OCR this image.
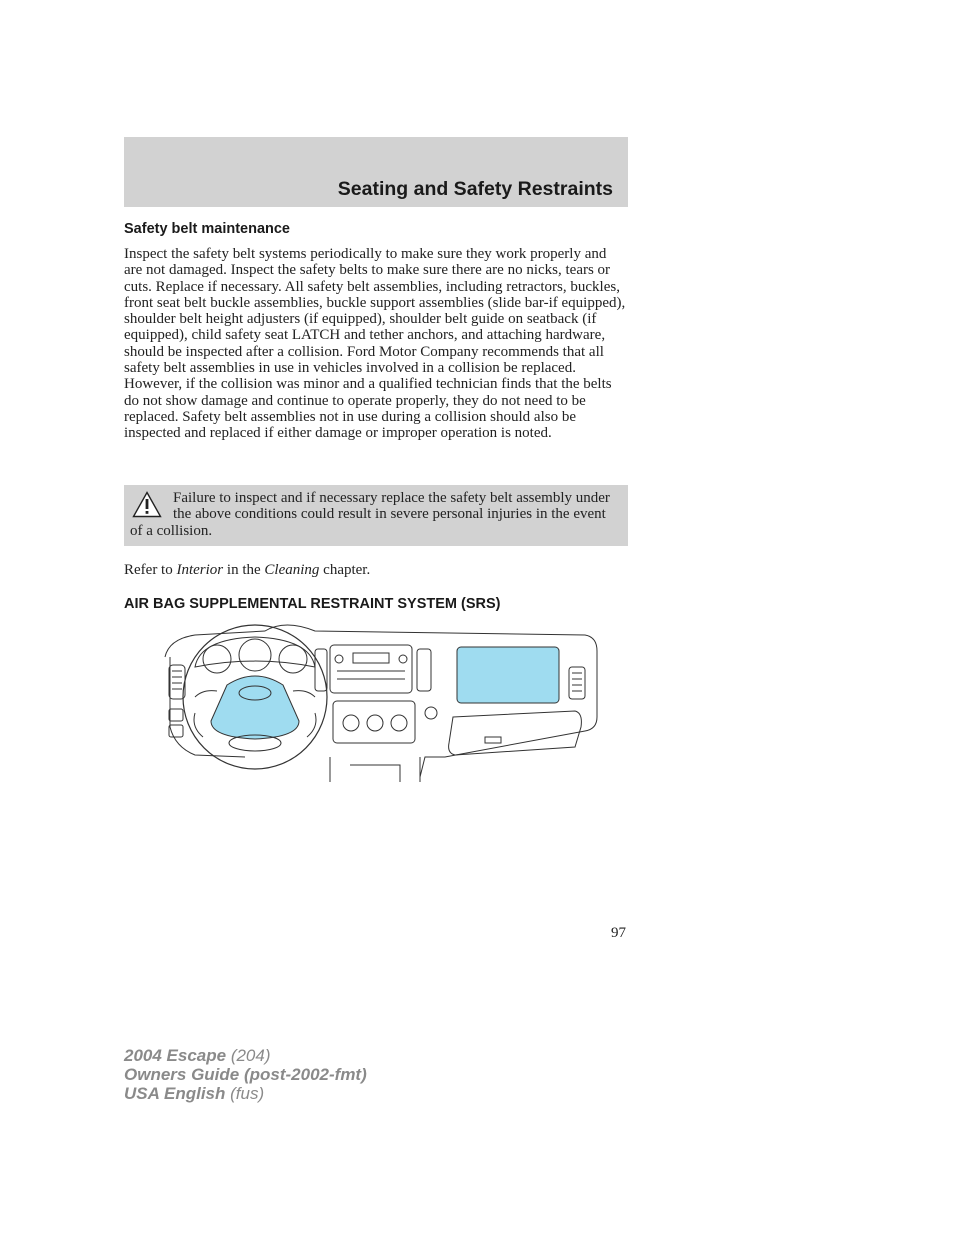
Seating and Safety Restraints
Safety belt maintenance
Inspect the safety belt systems periodically to make sure they work properly and are not damaged. Inspect the safety belts to make sure there are no nicks, tears or cuts. Replace if necessary. All safety belt assemblies, including retractors, buckles, front seat belt buckle assemblies, buckle support assemblies (slide bar-if equipped), shoulder belt height adjusters (if equipped), shoulder belt guide on seatback (if equipped), child safety seat LATCH and tether anchors, and attaching hardware, should be inspected after a collision. Ford Motor Company recommends that all safety belt assemblies in use in vehicles involved in a collision be replaced. However, if the collision was minor and a qualified technician finds that the belts do not show damage and continue to operate properly, they do not need to be replaced. Safety belt assemblies not in use during a collision should also be inspected and replaced if either damage or improper operation is noted.
Failure to inspect and if necessary replace the safety belt assembly under the above conditions could result in severe personal injuries in the event of a collision.
Refer to Interior in the Cleaning chapter.
AIR BAG SUPPLEMENTAL RESTRAINT SYSTEM (SRS)
97
2004 Escape (204)
Owners Guide (post-2002-fmt)
USA English (fus)
